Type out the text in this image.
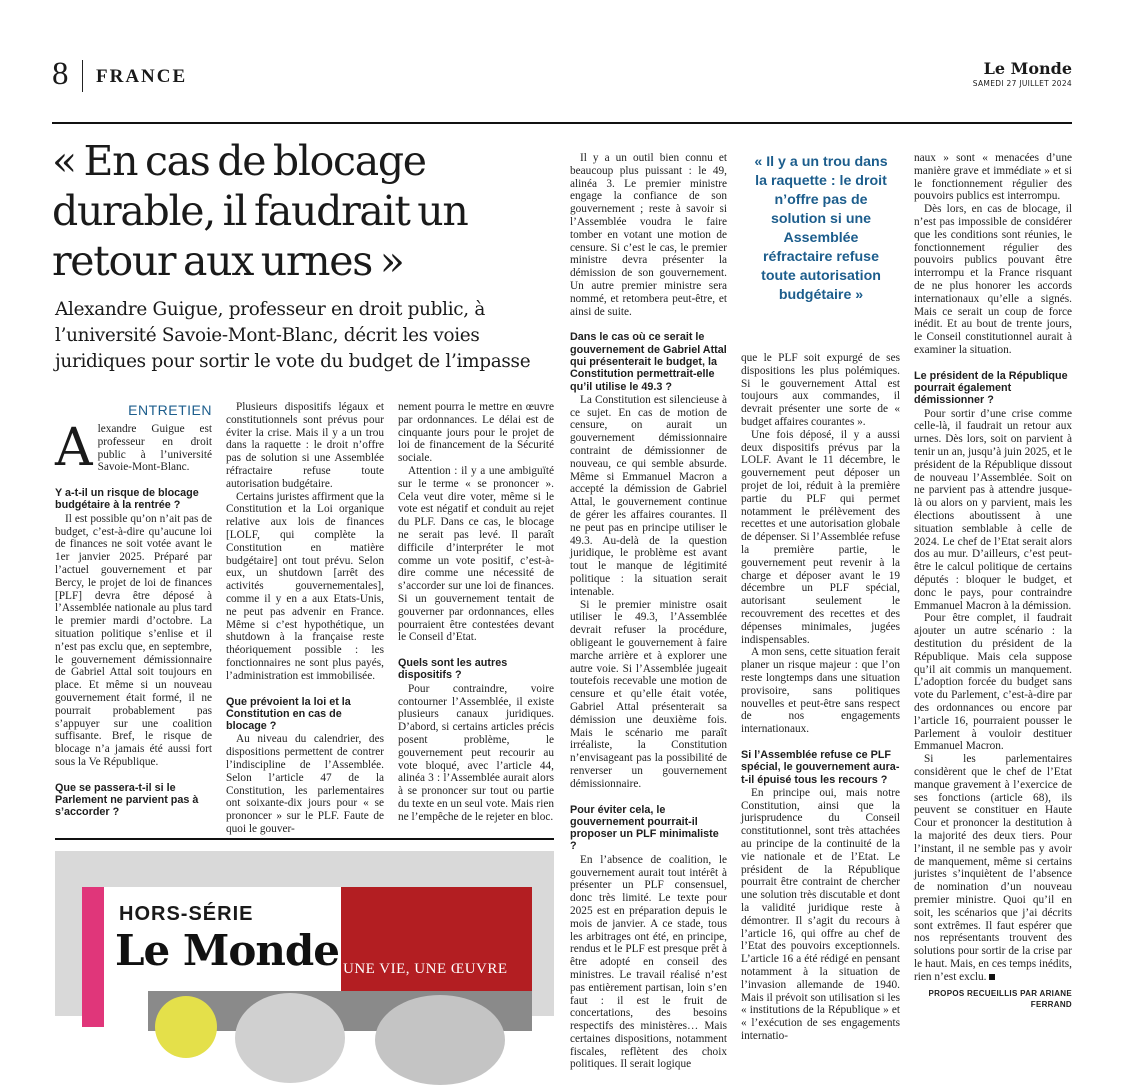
8 FRANCE	Le Monde
SAMEDI 27 JUILLET 2024
« En cas de blocage durable, il faudrait un retour aux urnes »
Alexandre Guigue, professeur en droit public, à l’université Savoie-Mont-Blanc, décrit les voies juridiques pour sortir le vote du budget de l’impasse
ENTRETIEN

Alexandre Guigue est professeur en droit public à l’université Savoie-Mont-Blanc.

Y a-t-il un risque de blocage budgétaire à la rentrée ?

Il est possible qu’on n’ait pas de budget, c’est-à-dire qu’aucune loi de finances ne soit votée avant le 1er janvier 2025. Préparé par l’actuel gouvernement et par Bercy, le projet de loi de finances [PLF] devra être déposé à l’Assemblée nationale au plus tard le premier mardi d’octobre. La situation politique s’enlise et il n’est pas exclu que, en septembre, le gouvernement démissionnaire de Gabriel Attal soit toujours en place. Et même si un nouveau gouvernement était formé, il ne pourrait probablement pas s’appuyer sur une coalition suffisante. Bref, le risque de blocage n’a jamais été aussi fort sous la Ve République.

Que se passera-t-il si le Parlement ne parvient pas à s’accorder ?

Plusieurs dispositifs légaux et constitutionnels sont prévus pour éviter la crise. Mais il y a un trou dans la raquette : le droit n’offre pas de solution si une Assemblée réfractaire refuse toute autorisation budgétaire.

Certains juristes affirment que la Constitution et la Loi organique relative aux lois de finances [LOLF, qui complète la Constitution en matière budgétaire] ont tout prévu. Selon eux, un shutdown [arrêt des activités gouvernementales], comme il y en a aux Etats-Unis, ne peut pas advenir en France. Même si c’est hypothétique, un shutdown à la française reste théoriquement possible : les fonctionnaires ne sont plus payés, l’administration est immobilisée.

Que prévoient la loi et la Constitution en cas de blocage ?

Au niveau du calendrier, des dispositions permettent de contrer l’indiscipline de l’Assemblée. Selon l’article 47 de la Constitution, les parlementaires ont soixante-dix jours pour « se prononcer » sur le PLF. Faute de quoi le gouver-

nement pourra le mettre en œuvre par ordonnances. Le délai est de cinquante jours pour le projet de loi de financement de la Sécurité sociale.

Attention : il y a une ambiguïté sur le terme « se prononcer ». Cela veut dire voter, même si le vote est négatif et conduit au rejet du PLF. Dans ce cas, le blocage ne serait pas levé. Il paraît difficile d’interpréter le mot comme un vote positif, c’est-à-dire comme une nécessité de s’accorder sur une loi de finances. Si un gouvernement tentait de gouverner par ordonnances, elles pourraient être contestées devant le Conseil d’Etat.

Quels sont les autres dispositifs ?

Pour contraindre, voire contourner l’Assemblée, il existe plusieurs canaux juridiques. D’abord, si certains articles précis posent problème, le gouvernement peut recourir au vote bloqué, avec l’article 44, alinéa 3 : l’Assemblée aurait alors à se prononcer sur tout ou partie du texte en un seul vote. Mais rien ne l’empêche de le rejeter en bloc.

Il y a un outil bien connu et beaucoup plus puissant : le 49, alinéa 3. Le premier ministre engage la confiance de son gouvernement ; reste à savoir si l’Assemblée voudra le faire tomber en votant une motion de censure. Si c’est le cas, le premier ministre devra présenter la démission de son gouvernement. Un autre premier ministre sera nommé, et retombera peut-être, et ainsi de suite.

Dans le cas où ce serait le gouvernement de Gabriel Attal qui présenterait le budget, la Constitution permettrait-elle qu’il utilise le 49.3 ?

La Constitution est silencieuse à ce sujet. En cas de motion de censure, on aurait un gouvernement démissionnaire contraint de démissionner de nouveau, ce qui semble absurde. Même si Emmanuel Macron a accepté la démission de Gabriel Attal, le gouvernement continue de gérer les affaires courantes. Il ne peut pas en principe utiliser le 49.3. Au-delà de la question juridique, le problème est avant tout le manque de légitimité politique : la situation serait intenable.

Si le premier ministre osait utiliser le 49.3, l’Assemblée devrait refuser la procédure, obligeant le gouvernement à faire marche arrière et à explorer une autre voie. Si l’Assemblée jugeait toutefois recevable une motion de censure et qu’elle était votée, Gabriel Attal présenterait sa démission une deuxième fois. Mais le scénario me paraît irréaliste, la Constitution n’envisageant pas la possibilité de renverser un gouvernement démissionnaire.

Pour éviter cela, le gouvernement pourrait-il proposer un PLF minimaliste ?

En l’absence de coalition, le gouvernement aurait tout intérêt à présenter un PLF consensuel, donc très limité. Le texte pour 2025 est en préparation depuis le mois de janvier. A ce stade, tous les arbitrages ont été, en principe, rendus et le PLF est presque prêt à être adopté en conseil des ministres. Le travail réalisé n’est pas entièrement partisan, loin s’en faut : il est le fruit de concertations, des besoins respectifs des ministères… Mais certaines dispositions, notamment fiscales, reflètent des choix politiques. Il serait logique

« Il y a un trou dans la raquette : le droit n’offre pas de solution si une Assemblée réfractaire refuse toute autorisation budgétaire »

que le PLF soit expurgé de ses dispositions les plus polémiques. Si le gouvernement Attal est toujours aux commandes, il devrait présenter une sorte de « budget affaires courantes ».

Une fois déposé, il y a aussi deux dispositifs prévus par la LOLF. Avant le 11 décembre, le gouvernement peut déposer un projet de loi, réduit à la première partie du PLF qui permet notamment le prélèvement des recettes et une autorisation globale de dépenser. Si l’Assemblée refuse la première partie, le gouvernement peut revenir à la charge et déposer avant le 19 décembre un PLF spécial, autorisant seulement le recouvrement des recettes et des dépenses minimales, jugées indispensables.

A mon sens, cette situation ferait planer un risque majeur : que l’on reste longtemps dans une situation provisoire, sans politiques nouvelles et peut-être sans respect de nos engagements internationaux.

Si l’Assemblée refuse ce PLF spécial, le gouvernement aura-t-il épuisé tous les recours ?

En principe oui, mais notre Constitution, ainsi que la jurisprudence du Conseil constitutionnel, sont très attachées au principe de la continuité de la vie nationale et de l’Etat. Le président de la République pourrait être contraint de chercher une solution très discutable et dont la validité juridique reste à démontrer. Il s’agit du recours à l’article 16, qui offre au chef de l’Etat des pouvoirs exceptionnels. L’article 16 a été rédigé en pensant notamment à la situation de l’invasion allemande de 1940. Mais il prévoit son utilisation si les « institutions de la République » et « l’exécution de ses engagements internatio-

naux » sont « menacées d’une manière grave et immédiate » et si le fonctionnement régulier des pouvoirs publics est interrompu.

Dès lors, en cas de blocage, il n’est pas impossible de considérer que les conditions sont réunies, le fonctionnement régulier des pouvoirs publics pouvant être interrompu et la France risquant de ne plus honorer les accords internationaux qu’elle a signés. Mais ce serait un coup de force inédit. Et au bout de trente jours, le Conseil constitutionnel aurait à examiner la situation.

Le président de la République pourrait également démissionner ?

Pour sortir d’une crise comme celle-là, il faudrait un retour aux urnes. Dès lors, soit on parvient à tenir un an, jusqu’à juin 2025, et le président de la République dissout de nouveau l’Assemblée. Soit on ne parvient pas à attendre jusque-là ou alors on y parvient, mais les élections aboutissent à une situation semblable à celle de 2024. Le chef de l’Etat serait alors dos au mur. D’ailleurs, c’est peut-être le calcul politique de certains députés : bloquer le budget, et donc le pays, pour contraindre Emmanuel Macron à la démission.

Pour être complet, il faudrait ajouter un autre scénario : la destitution du président de la République. Mais cela suppose qu’il ait commis un manquement. L’adoption forcée du budget sans vote du Parlement, c’est-à-dire par des ordonnances ou encore par l’article 16, pourraient pousser le Parlement à vouloir destituer Emmanuel Macron.

Si les parlementaires considèrent que le chef de l’Etat manque gravement à l’exercice de ses fonctions (article 68), ils peuvent se constituer en Haute Cour et prononcer la destitution à la majorité des deux tiers. Pour l’instant, il ne semble pas y avoir de manquement, même si certains juristes s’inquiètent de l’absence de nomination d’un nouveau premier ministre. Quoi qu’il en soit, les scénarios que j’ai décrits sont extrêmes. Il faut espérer que nos représentants trouvent des solutions pour sortir de la crise par le haut. Mais, en ces temps inédits, rien n’est exclu.

PROPOS RECUEILLIS PAR ARIANE FERRAND
HORS-SÉRIE
Le Monde UNE VIE, UNE ŒUVRE
